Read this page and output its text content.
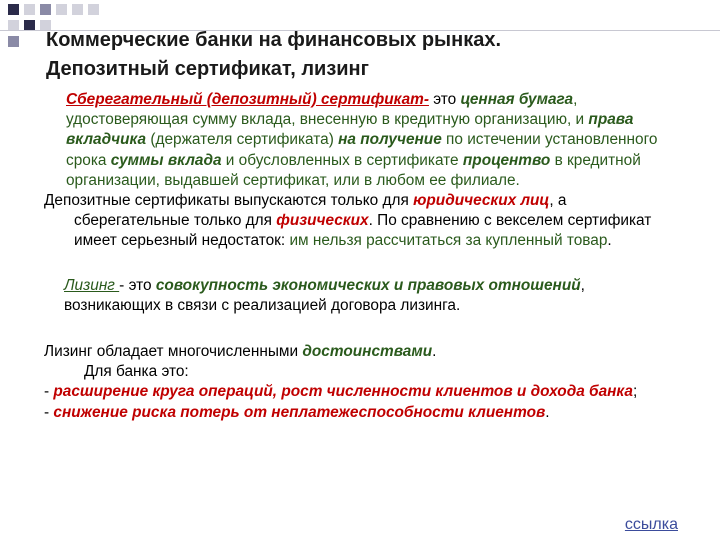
Коммерческие банки на финансовых рынках.
Депозитный сертификат, лизинг

Сберегательный (депозитный) сертификат- это ценная бумага, удостоверяющая сумму вклада, внесенную в кредитную организацию, и права вкладчика (держателя сертификата) на получение по истечении установленного срока суммы вклада и обусловленных в сертификате процентво в кредитной организации, выдавшей сертификат, или в любом ее филиале.

Депозитные сертификаты выпускаются только для юридических лиц, а сберегательные только для физических. По сравнению с векселем сертификат имеет серьезный недостаток: им нельзя рассчитаться за купленный товар.

Лизинг - это совокупность экономических и правовых отношений, возникающих в связи с реализацией договора лизинга.

Лизинг обладает многочисленными достоинствами.

Для банка это:

- расширение круга операций, рост численности клиентов и дохода банка;

- снижение риска потерь от неплатежеспособности клиентов.

ссылка
